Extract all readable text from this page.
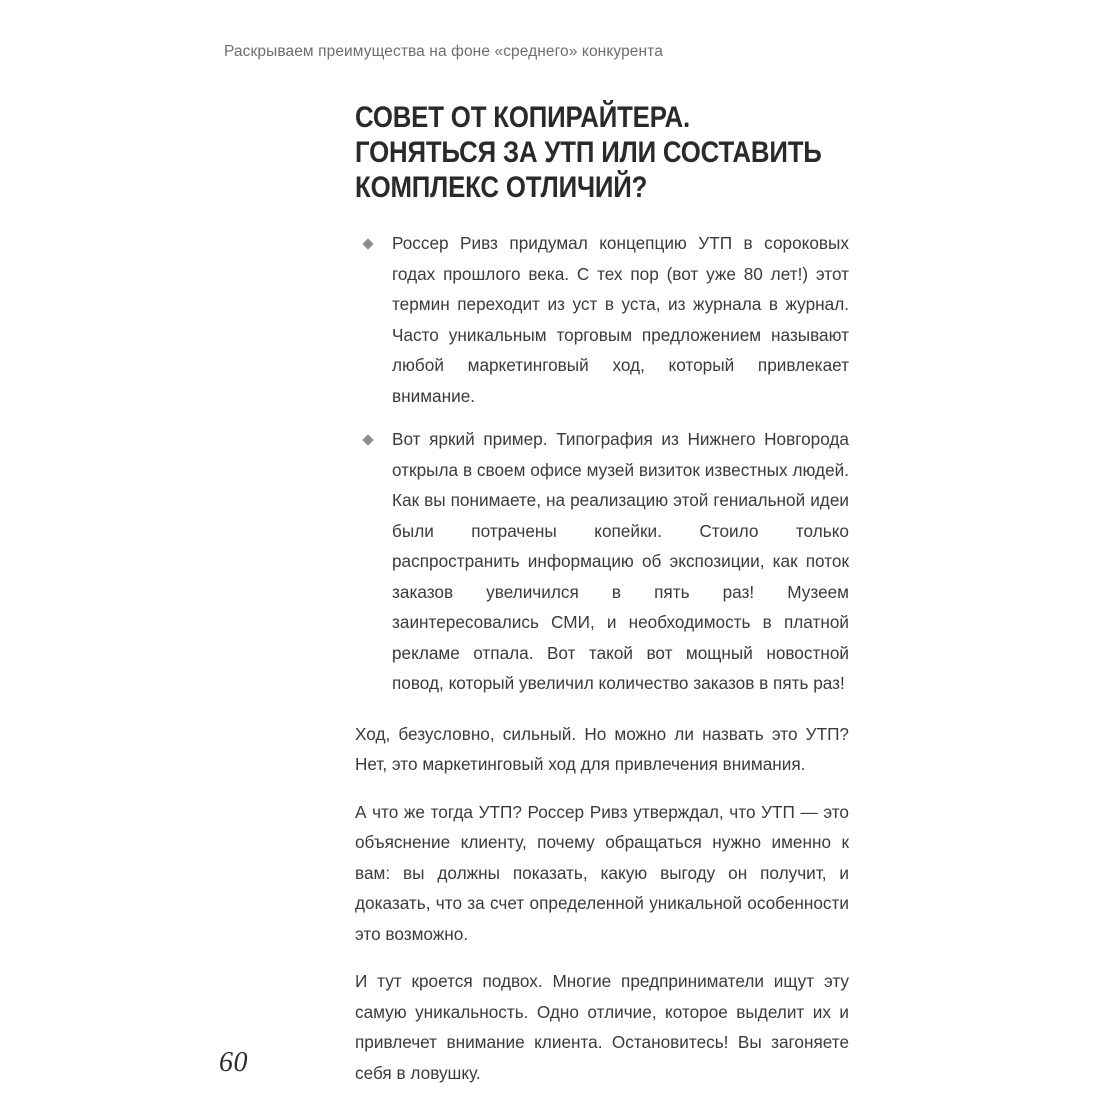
Раскрываем преимущества на фоне «среднего» конкурента
СОВЕТ ОТ КОПИРАЙТЕРА.
ГОНЯТЬСЯ ЗА УТП ИЛИ СОСТАВИТЬ
КОМПЛЕКС ОТЛИЧИЙ?
Россер Ривз придумал концепцию УТП в сороковых годах прошлого века. С тех пор (вот уже 80 лет!) этот термин переходит из уст в уста, из журнала в журнал. Часто уникальным торговым предложением называют любой маркетинговый ход, который привлекает внимание.
Вот яркий пример. Типография из Нижнего Новгорода открыла в своем офисе музей визиток известных людей. Как вы понимаете, на реализацию этой гениальной идеи были потрачены копейки. Стоило только распространить информацию об экспозиции, как поток заказов увеличился в пять раз! Музеем заинтересовались СМИ, и необходимость в платной рекламе отпала. Вот такой вот мощный новостной повод, который увеличил количество заказов в пять раз!

Ход, безусловно, сильный. Но можно ли назвать это УТП? Нет, это маркетинговый ход для привлечения внимания.

А что же тогда УТП? Россер Ривз утверждал, что УТП — это объяснение клиенту, почему обращаться нужно именно к вам: вы должны показать, какую выгоду он получит, и доказать, что за счет определенной уникальной особенности это возможно.

И тут кроется подвох. Многие предприниматели ищут эту самую уникальность. Одно отличие, которое выделит их и привлечет внимание клиента. Остановитесь! Вы загоняете себя в ловушку.

60
